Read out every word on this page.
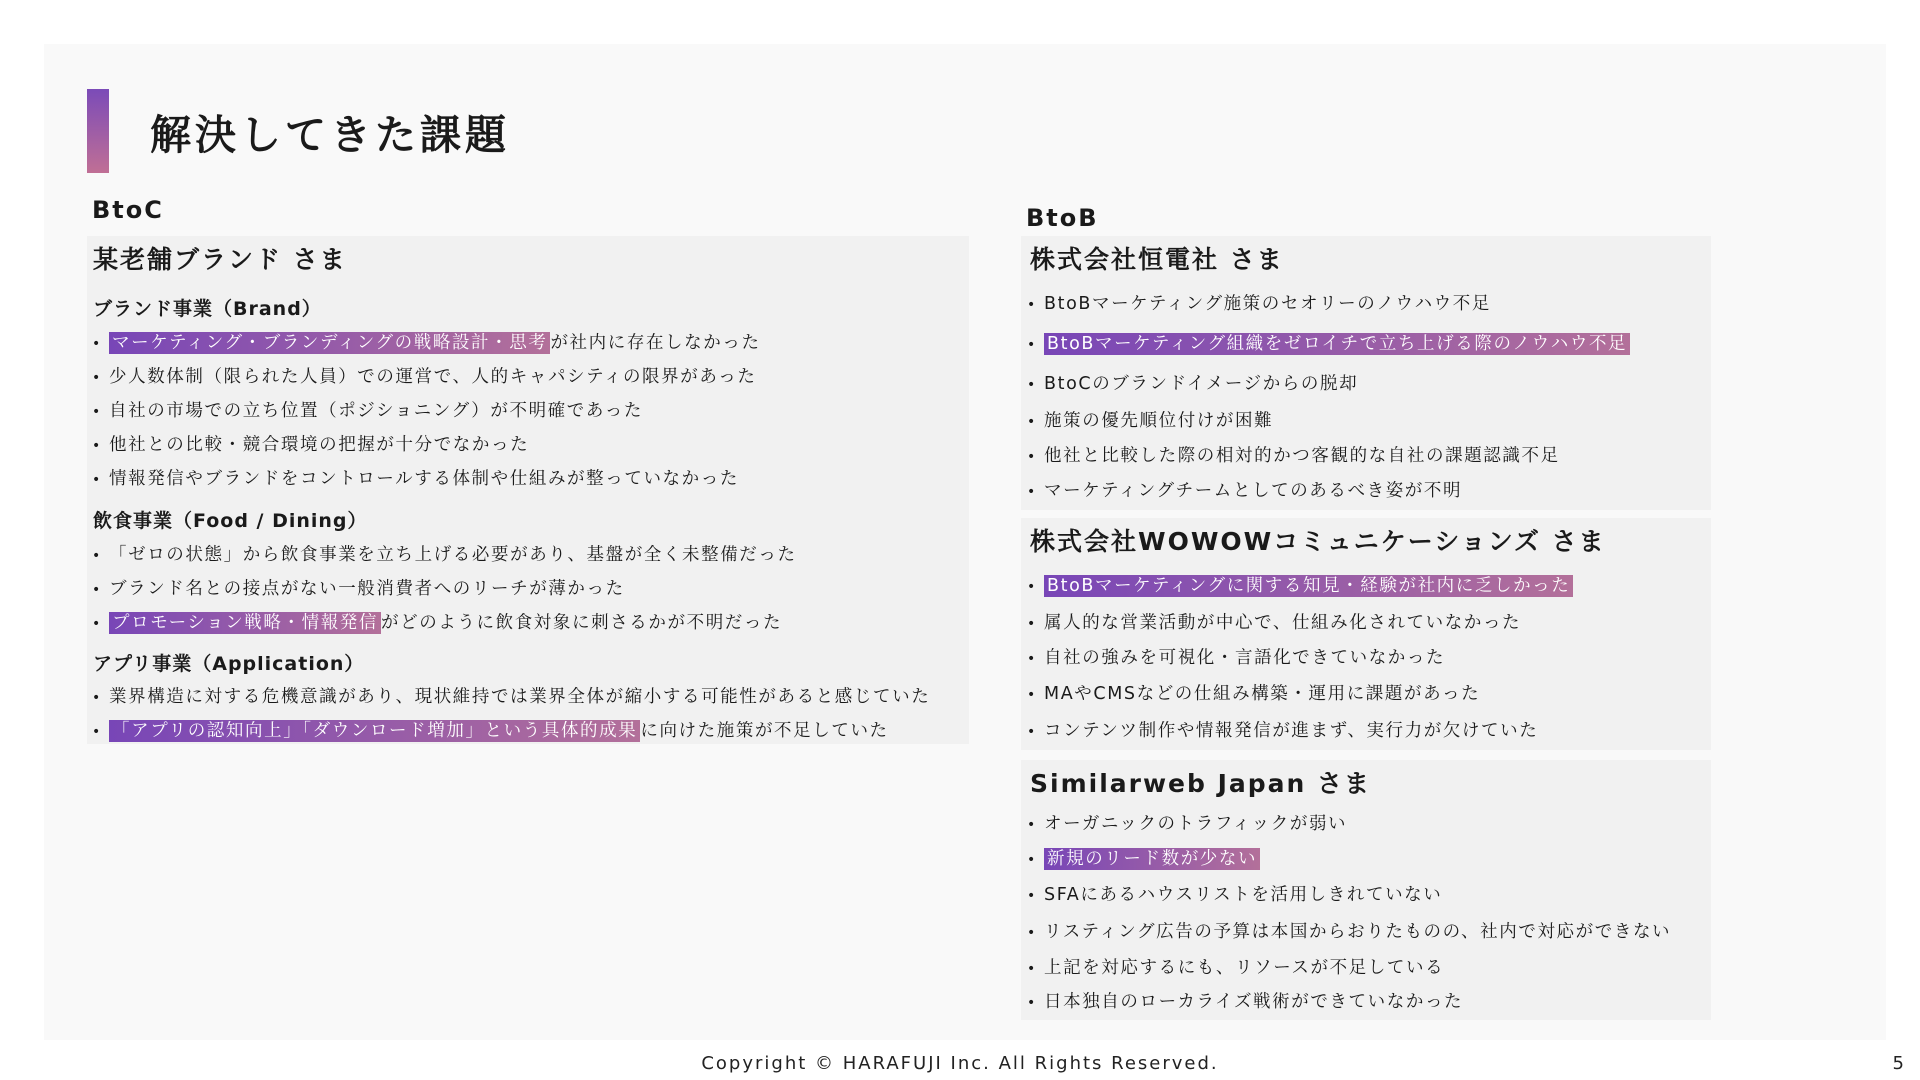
解決してきた課題
BtoC
某老舗ブランド さま
ブランド事業（Brand）
• マーケティング・ブランディングの戦略設計・思考 が社内に存在しなかった
• 少人数体制（限られた人員）での運営で、人的キャパシティの限界があった
• 自社の市場での立ち位置（ポジショニング）が不明確であった
• 他社との比較・競合環境の把握が十分でなかった
• 情報発信やブランドをコントロールする体制や仕組みが整っていなかった
飲食事業（Food / Dining）
• 「ゼロの状態」から飲食事業を立ち上げる必要があり、基盤が全く未整備だった
• ブランド名との接点がない一般消費者へのリーチが薄かった
• プロモーション戦略・情報発信 がどのように飲食対象に刺さるかが不明だった
アプリ事業（Application）
• 業界構造に対する危機意識があり、現状維持では業界全体が縮小する可能性があると感じていた
• 「アプリの認知向上」「ダウンロード増加」という具体的成果 に向けた施策が不足していた
BtoB
株式会社恒電社 さま
• BtoBマーケティング施策のセオリーのノウハウ不足
• BtoBマーケティング組織をゼロイチで立ち上げる際のノウハウ不足
• BtoCのブランドイメージからの脱却
• 施策の優先順位付けが困難
• 他社と比較した際の相対的かつ客観的な自社の課題認識不足
• マーケティングチームとしてのあるべき姿が不明
株式会社WOWOWコミュニケーションズ さま
• BtoBマーケティングに関する知見・経験が社内に乏しかった
• 属人的な営業活動が中心で、仕組み化されていなかった
• 自社の強みを可視化・言語化できていなかった
• MAやCMSなどの仕組み構築・運用に課題があった
• コンテンツ制作や情報発信が進まず、実行力が欠けていた
Similarweb Japan さま
• オーガニックのトラフィックが弱い
• 新規のリード数が少ない
• SFAにあるハウスリストを活用しきれていない
• リスティング広告の予算は本国からおりたものの、社内で対応ができない
• 上記を対応するにも、リソースが不足している
• 日本独自のローカライズ戦術ができていなかった
Copyright © HARAFUJI Inc. All Rights Reserved.	5
